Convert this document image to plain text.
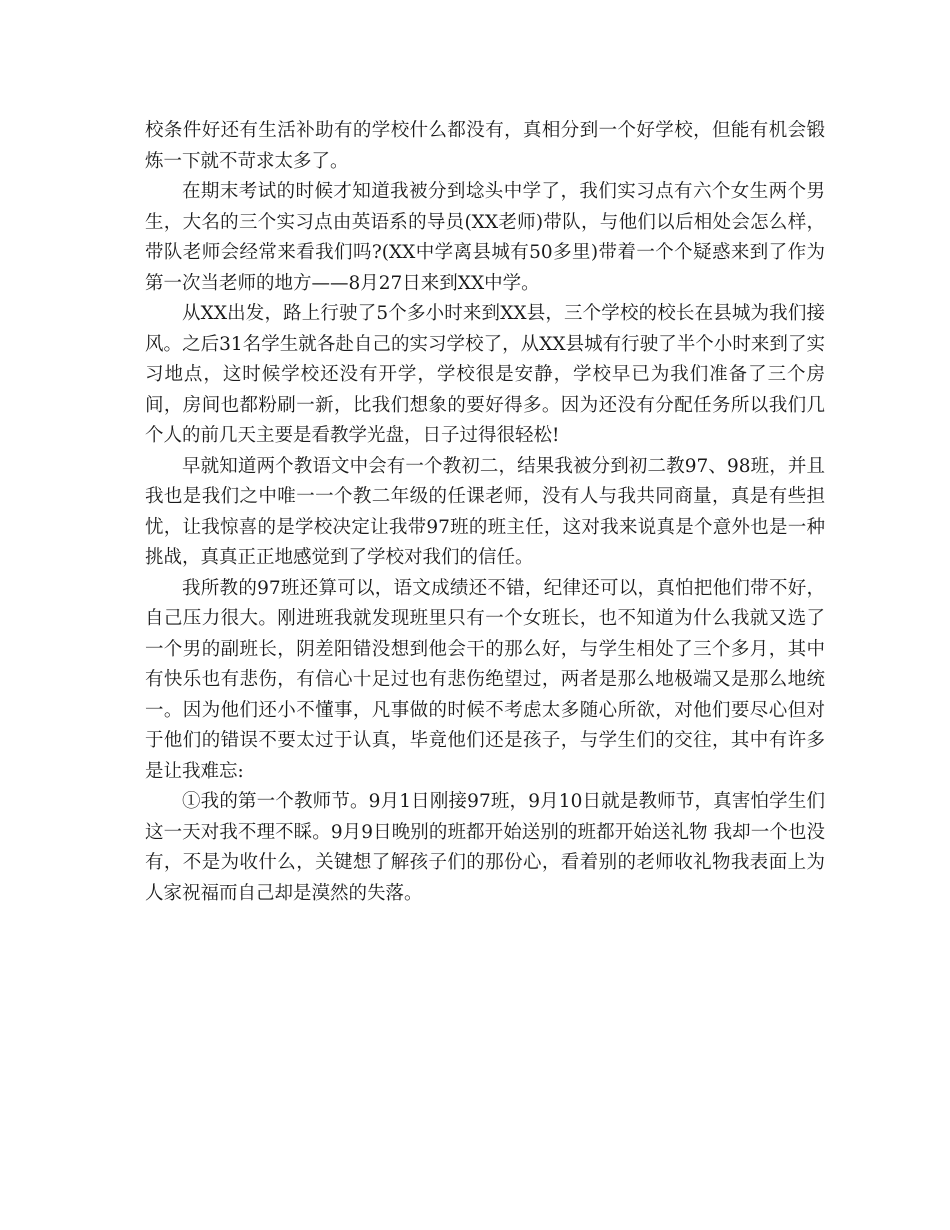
校条件好还有生活补助有的学校什么都没有，真相分到一个好学校，但能有机会锻炼一下就不苛求太多了。

在期末考试的时候才知道我被分到埝头中学了，我们实习点有六个女生两个男生，大名的三个实习点由英语系的导员(XX老师)带队，与他们以后相处会怎么样，带队老师会经常来看我们吗?(XX中学离县城有50多里)带着一个个疑惑来到了作为第一次当老师的地方——8月27日来到XX中学。

从XX出发，路上行驶了5个多小时来到XX县，三个学校的校长在县城为我们接风。之后31名学生就各赴自己的实习学校了，从XX县城有行驶了半个小时来到了实习地点，这时候学校还没有开学，学校很是安静，学校早已为我们准备了三个房间，房间也都粉刷一新，比我们想象的要好得多。因为还没有分配任务所以我们几个人的前几天主要是看教学光盘，日子过得很轻松!

早就知道两个教语文中会有一个教初二，结果我被分到初二教97、98班，并且我也是我们之中唯一一个教二年级的任课老师，没有人与我共同商量，真是有些担忧，让我惊喜的是学校决定让我带97班的班主任，这对我来说真是个意外也是一种挑战，真真正正地感觉到了学校对我们的信任。

我所教的97班还算可以，语文成绩还不错，纪律还可以，真怕把他们带不好，自己压力很大。刚进班我就发现班里只有一个女班长，也不知道为什么我就又选了一个男的副班长，阴差阳错没想到他会干的那么好，与学生相处了三个多月，其中有快乐也有悲伤，有信心十足过也有悲伤绝望过，两者是那么地极端又是那么地统一。因为他们还小不懂事，凡事做的时候不考虑太多随心所欲，对他们要尽心但对于他们的错误不要太过于认真，毕竟他们还是孩子，与学生们的交往，其中有许多是让我难忘:

①我的第一个教师节。9月1日刚接97班，9月10日就是教师节，真害怕学生们这一天对我不理不睬。9月9日晚别的班都开始送别的班都开始送礼物 我却一个也没有，不是为收什么，关键想了解孩子们的那份心，看着别的老师收礼物我表面上为人家祝福而自己却是漠然的失落。
